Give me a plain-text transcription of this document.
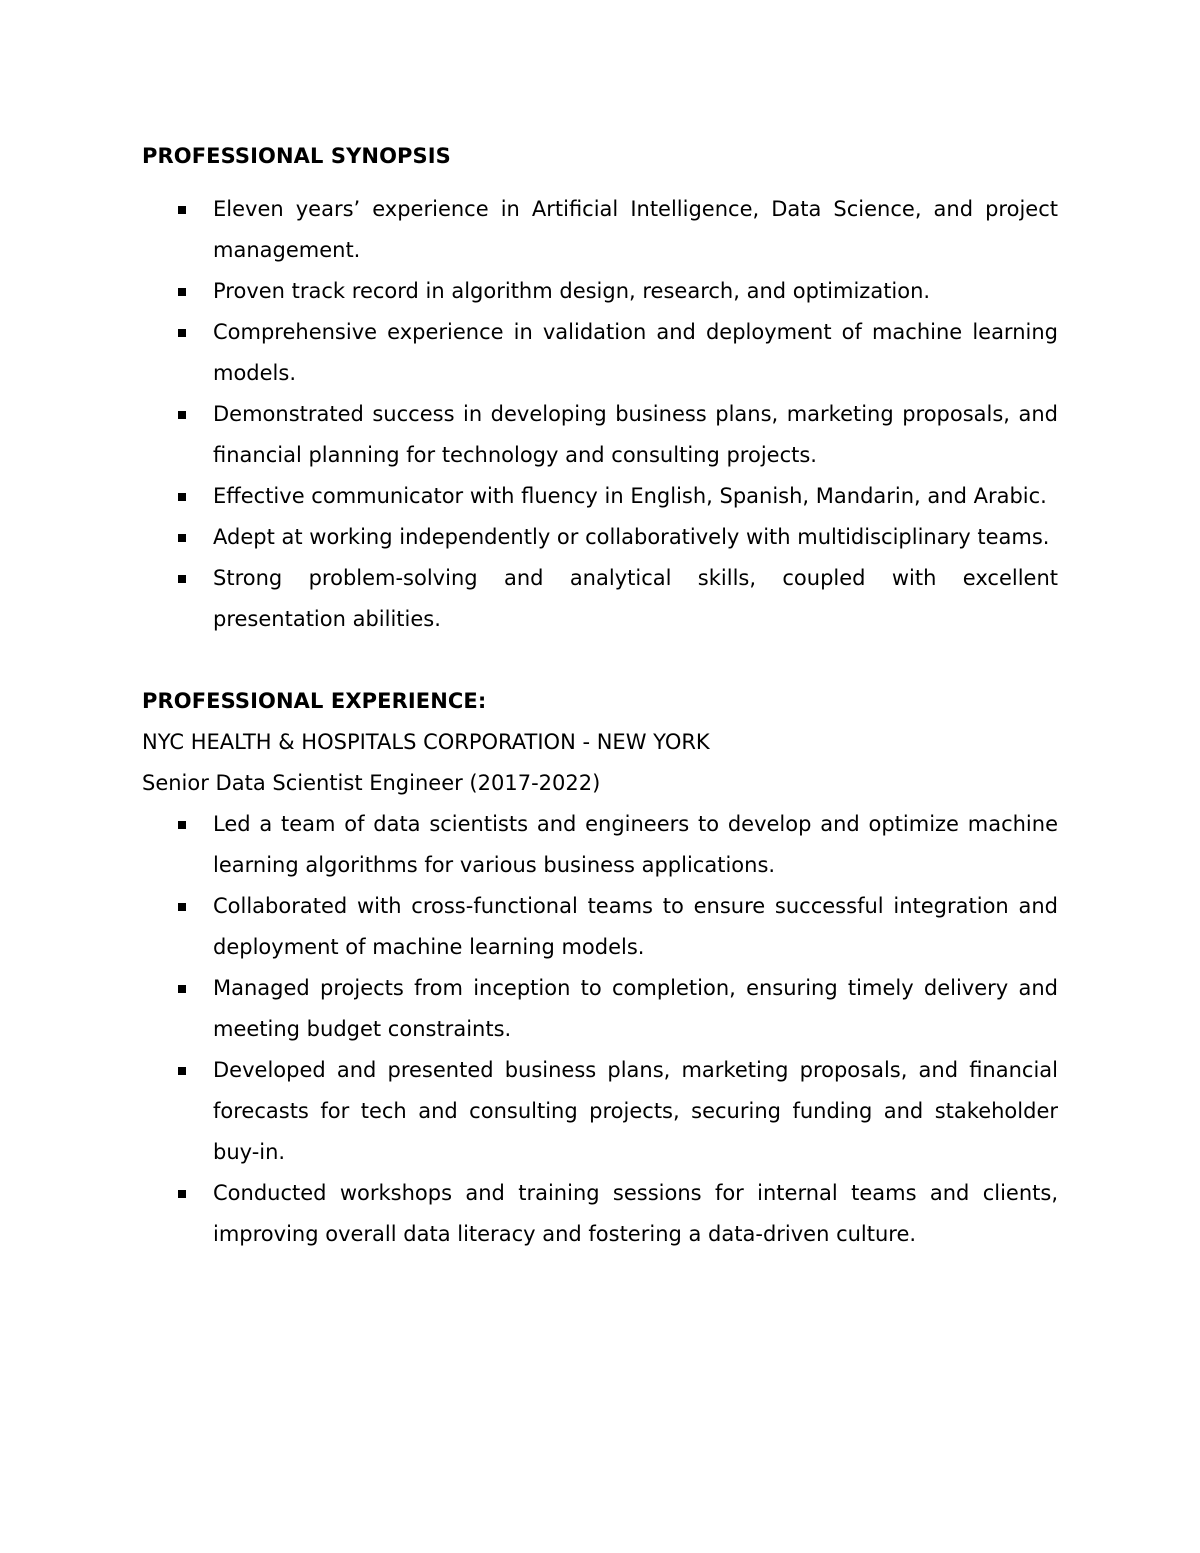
PROFESSIONAL SYNOPSIS
Eleven years’ experience in Artificial Intelligence, Data Science, and project management.
Proven track record in algorithm design, research, and optimization.
Comprehensive experience in validation and deployment of machine learning models.
Demonstrated success in developing business plans, marketing proposals, and financial planning for technology and consulting projects.
Effective communicator with fluency in English, Spanish, Mandarin, and Arabic.
Adept at working independently or collaboratively with multidisciplinary teams.
Strong problem-solving and analytical skills, coupled with excellent presentation abilities.
PROFESSIONAL EXPERIENCE:
NYC HEALTH & HOSPITALS CORPORATION - NEW YORK
Senior Data Scientist Engineer (2017-2022)
Led a team of data scientists and engineers to develop and optimize machine learning algorithms for various business applications.
Collaborated with cross-functional teams to ensure successful integration and deployment of machine learning models.
Managed projects from inception to completion, ensuring timely delivery and meeting budget constraints.
Developed and presented business plans, marketing proposals, and financial forecasts for tech and consulting projects, securing funding and stakeholder buy-in.
Conducted workshops and training sessions for internal teams and clients, improving overall data literacy and fostering a data-driven culture.
